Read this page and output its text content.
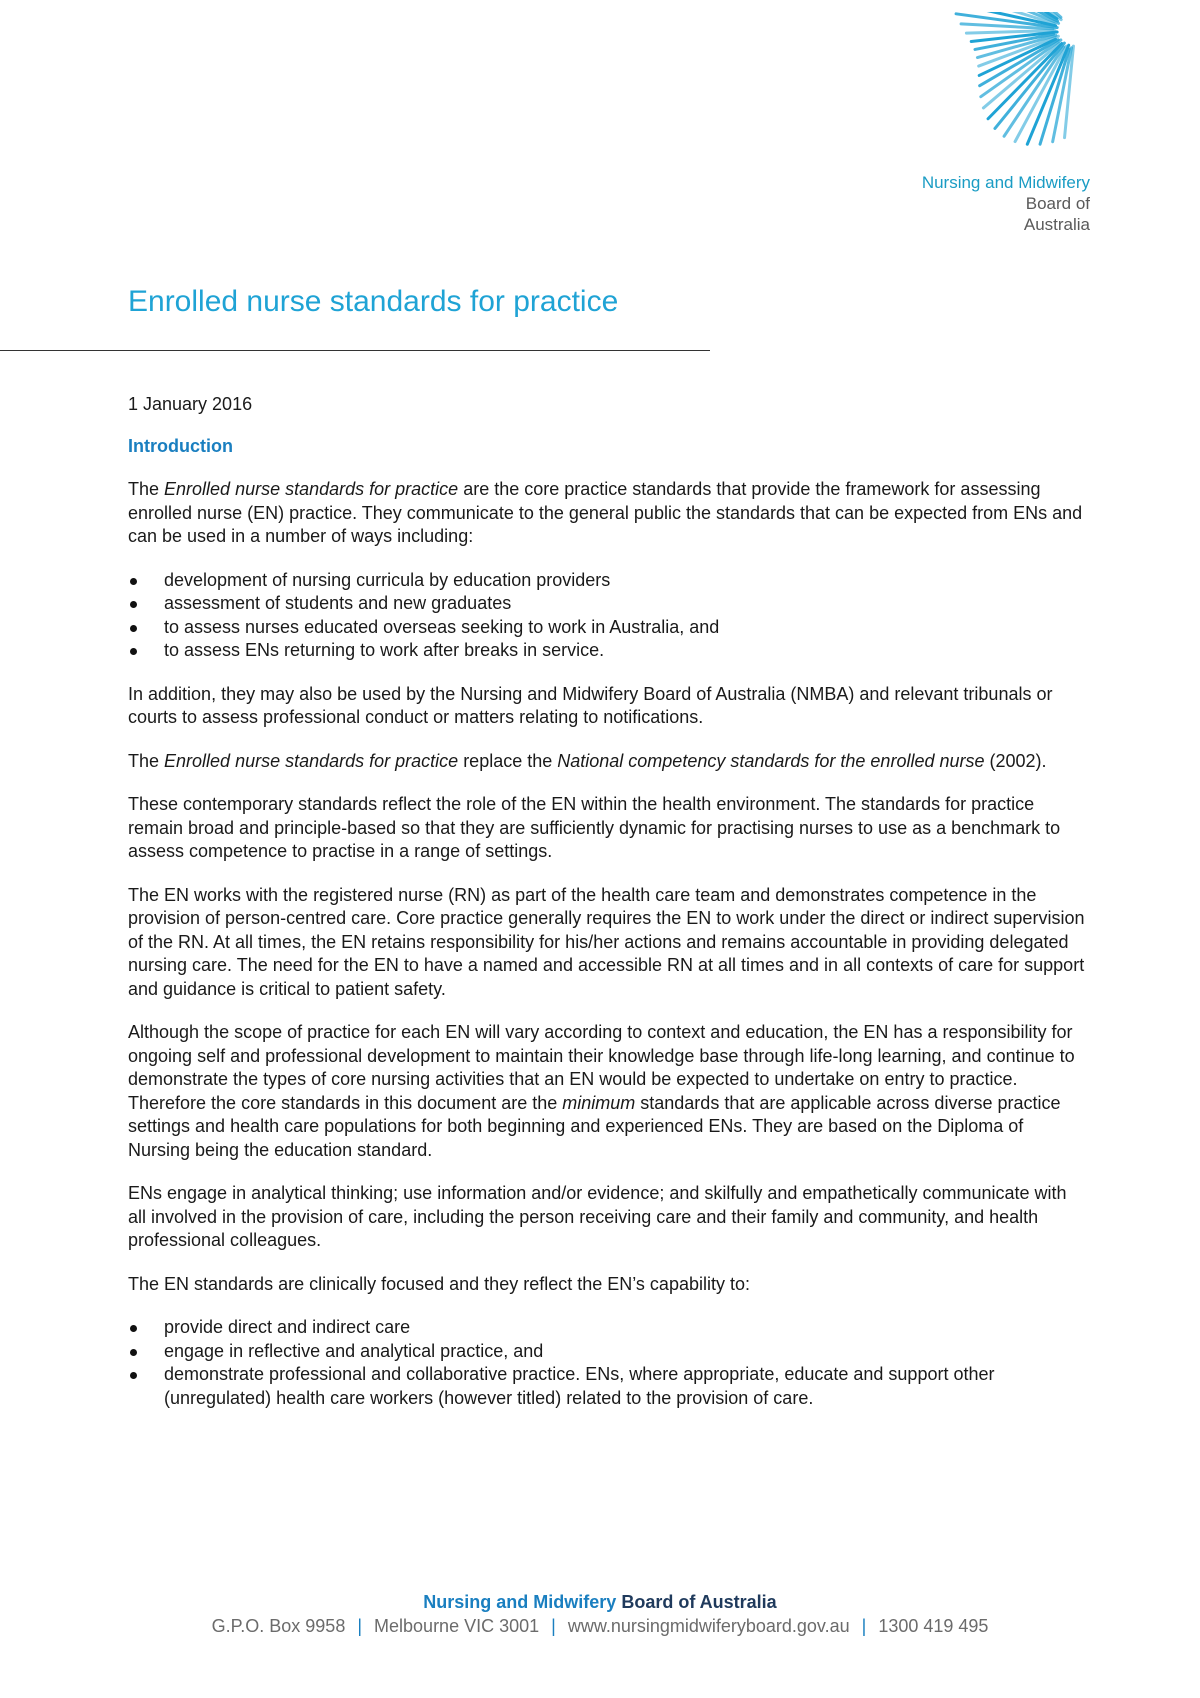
Nursing and Midwifery
Board of
Australia
Enrolled nurse standards for practice

1 January 2016

Introduction

The Enrolled nurse standards for practice are the core practice standards that provide the framework for assessing enrolled nurse (EN) practice. They communicate to the general public the standards that can be expected from ENs and can be used in a number of ways including:

development of nursing curricula by education providers
assessment of students and new graduates
to assess nurses educated overseas seeking to work in Australia, and
to assess ENs returning to work after breaks in service.

In addition, they may also be used by the Nursing and Midwifery Board of Australia (NMBA) and relevant tribunals or courts to assess professional conduct or matters relating to notifications.

The Enrolled nurse standards for practice replace the National competency standards for the enrolled nurse (2002).

These contemporary standards reflect the role of the EN within the health environment. The standards for practice remain broad and principle-based so that they are sufficiently dynamic for practising nurses to use as a benchmark to assess competence to practise in a range of settings.

The EN works with the registered nurse (RN) as part of the health care team and demonstrates competence in the provision of person-centred care. Core practice generally requires the EN to work under the direct or indirect supervision of the RN. At all times, the EN retains responsibility for his/her actions and remains accountable in providing delegated nursing care. The need for the EN to have a named and accessible RN at all times and in all contexts of care for support and guidance is critical to patient safety.

Although the scope of practice for each EN will vary according to context and education, the EN has a responsibility for ongoing self and professional development to maintain their knowledge base through life-long learning, and continue to demonstrate the types of core nursing activities that an EN would be expected to undertake on entry to practice. Therefore the core standards in this document are the minimum standards that are applicable across diverse practice settings and health care populations for both beginning and experienced ENs. They are based on the Diploma of Nursing being the education standard.

ENs engage in analytical thinking; use information and/or evidence; and skilfully and empathetically communicate with all involved in the provision of care, including the person receiving care and their family and community, and health professional colleagues.

The EN standards are clinically focused and they reflect the EN’s capability to:

provide direct and indirect care
engage in reflective and analytical practice, and
demonstrate professional and collaborative practice. ENs, where appropriate, educate and support other (unregulated) health care workers (however titled) related to the provision of care.
Nursing and Midwifery Board of Australia
G.P.O. Box 9958 | Melbourne VIC 3001 | www.nursingmidwiferyboard.gov.au | 1300 419 495
